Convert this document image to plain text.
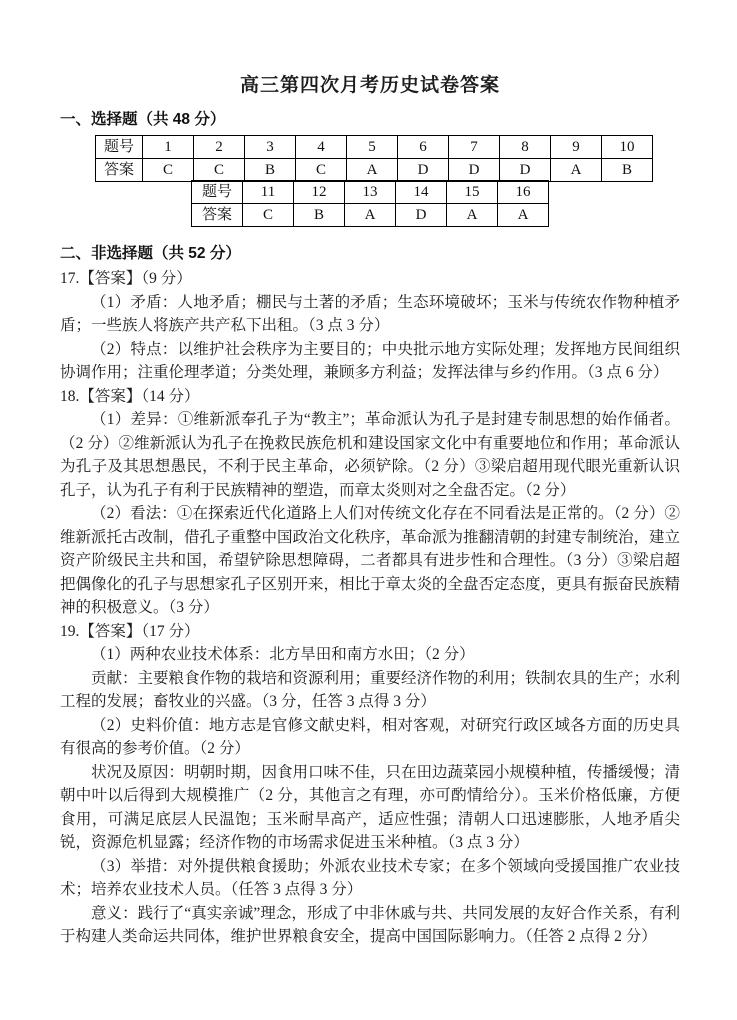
高三第四次月考历史试卷答案
一、选择题（共 48 分）
题号	1	2	3	4	5	6	7	8	9	10
答案	C	C	B	C	A	D	D	D	A	B
题号	11	12	13	14	15	16
答案	C	B	A	D	A	A
二、非选择题（共 52 分）
17.【答案】（9 分）

（1）矛盾：人地矛盾；棚民与土著的矛盾；生态环境破坏；玉米与传统农作物种植矛盾；一些族人将族产共产私下出租。（3 点 3 分）

（2）特点：以维护社会秩序为主要目的；中央批示地方实际处理；发挥地方民间组织协调作用；注重伦理孝道；分类处理，兼顾多方利益；发挥法律与乡约作用。（3 点 6 分）

18.【答案】（14 分）

（1）差异：①维新派奉孔子为“教主”；革命派认为孔子是封建专制思想的始作俑者。（2 分）②维新派认为孔子在挽救民族危机和建设国家文化中有重要地位和作用；革命派认为孔子及其思想愚民，不利于民主革命，必须铲除。（2 分）③梁启超用现代眼光重新认识孔子，认为孔子有利于民族精神的塑造，而章太炎则对之全盘否定。（2 分）

（2）看法：①在探索近代化道路上人们对传统文化存在不同看法是正常的。（2 分）②维新派托古改制，借孔子重整中国政治文化秩序，革命派为推翻清朝的封建专制统治，建立资产阶级民主共和国，希望铲除思想障碍，二者都具有进步性和合理性。（3 分）③梁启超把偶像化的孔子与思想家孔子区别开来，相比于章太炎的全盘否定态度，更具有振奋民族精神的积极意义。（3 分）

19.【答案】（17 分）

（1）两种农业技术体系：北方旱田和南方水田；（2 分）

贡献：主要粮食作物的栽培和资源利用；重要经济作物的利用；铁制农具的生产；水利工程的发展；畜牧业的兴盛。（3 分，任答 3 点得 3 分）

（2）史料价值：地方志是官修文献史料，相对客观，对研究行政区域各方面的历史具有很高的参考价值。（2 分）

状况及原因：明朝时期，因食用口味不佳，只在田边蔬菜园小规模种植，传播缓慢；清朝中叶以后得到大规模推广（2 分，其他言之有理，亦可酌情给分）。玉米价格低廉，方便食用，可满足底层人民温饱；玉米耐旱高产，适应性强；清朝人口迅速膨胀，人地矛盾尖锐，资源危机显露；经济作物的市场需求促进玉米种植。（3 点 3 分）

（3）举措：对外提供粮食援助；外派农业技术专家；在多个领域向受援国推广农业技术；培养农业技术人员。（任答 3 点得 3 分）

意义：践行了“真实亲诚”理念，形成了中非休戚与共、共同发展的友好合作关系，有利于构建人类命运共同体，维护世界粮食安全，提高中国国际影响力。（任答 2 点得 2 分）
